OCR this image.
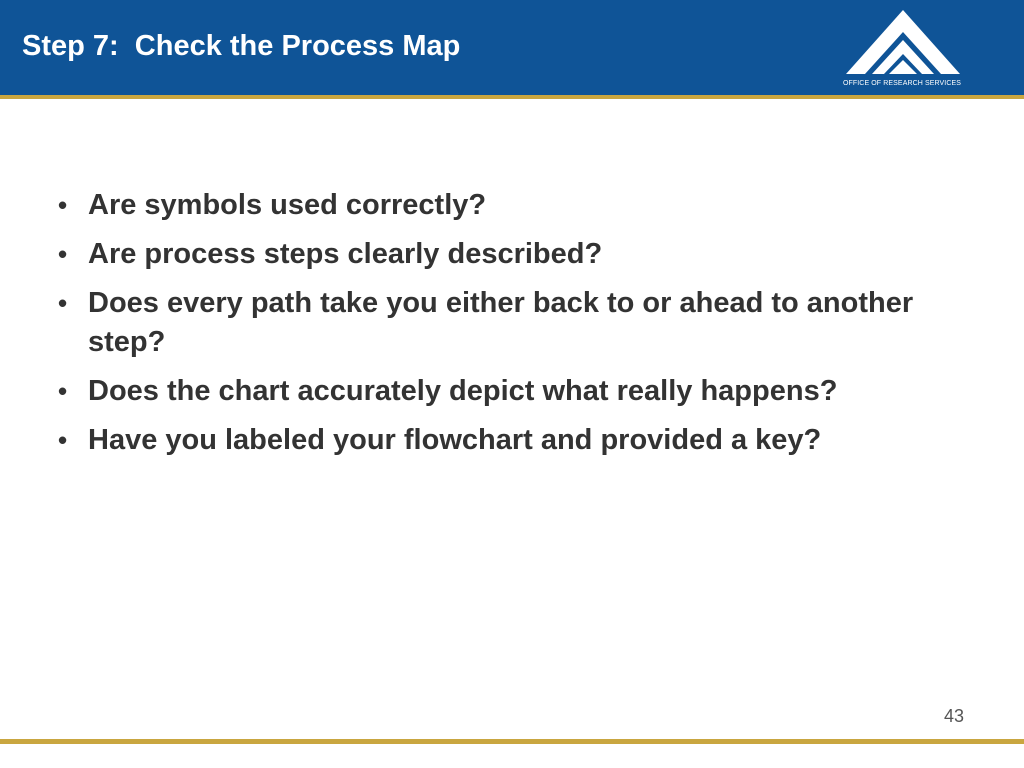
Step 7:  Check the Process Map
OFFICE OF RESEARCH SERVICES
• Are symbols used correctly?
• Are process steps clearly described?
• Does every path take you either back to or ahead to another step?
• Does the chart accurately depict what really happens?
• Have you labeled your flowchart and provided a key?
43
